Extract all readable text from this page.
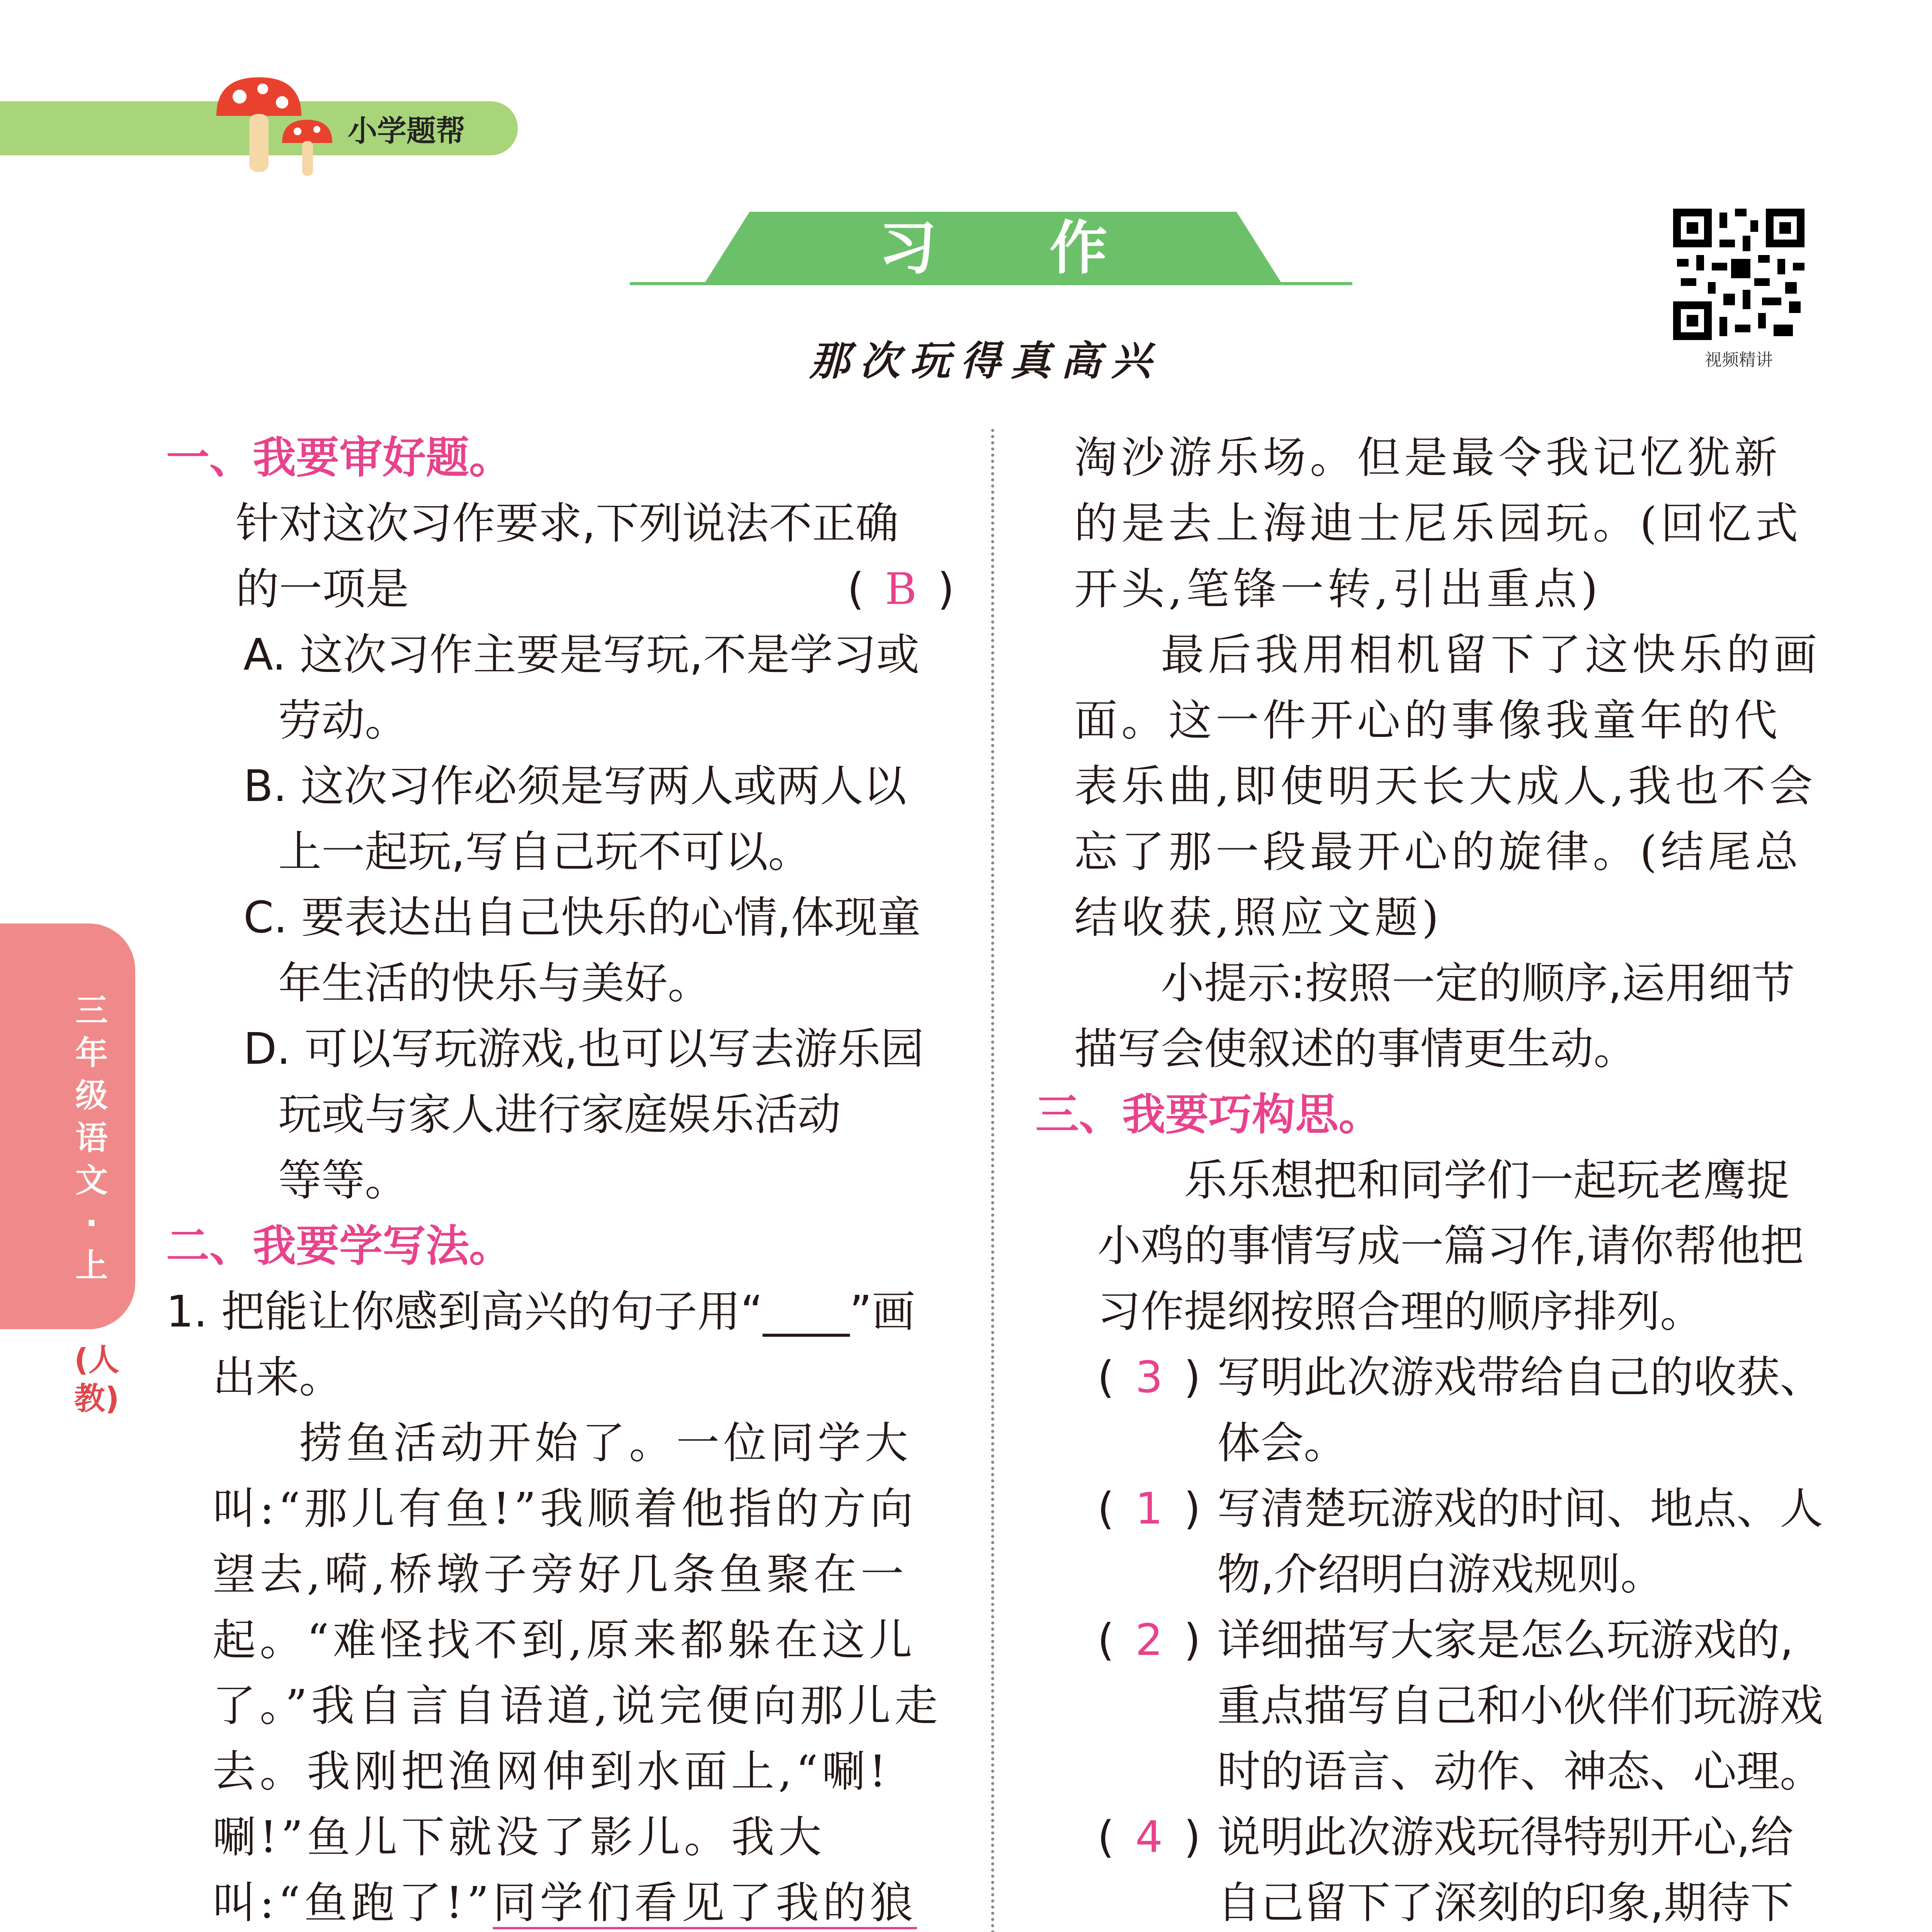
小学题帮
习 作
那次玩得真高兴	视频精讲
三年级语文·上
(人教)
一、我要审好题。
针对这次习作要求,下列说法不正确
的一项是	( B )
A. 这次习作主要是写玩,不是学习或
劳动。
B. 这次习作必须是写两人或两人以
上一起玩,写自己玩不可以。
C. 要表达出自己快乐的心情,体现童
年生活的快乐与美好。
D. 可以写玩游戏,也可以写去游乐园
玩或与家人进行家庭娱乐活动
等等。
二、我要学写法。
1. 把能让你感到高兴的句子用“____”画出来。
捞鱼活动开始了。一位同学大叫:“那儿有鱼!”我顺着他指的方向望去,嗬,桥墩子旁好几条鱼聚在一起。“难怪找不到,原来都躲在这儿了。”我自言自语道,说完便向那儿走去。我刚把渔网伸到水面上,“唰! 唰!”鱼儿下就没了影儿。我大叫:“鱼跑了!”同学们看见了我的狼
淘沙游乐场。但是最令我记忆犹新的是去上海迪士尼乐园玩。(回忆式开头,笔锋一转,引出重点)
最后我用相机留下了这快乐的画面。这一件开心的事像我童年的代表乐曲,即使明天长大成人,我也不会忘了那一段最开心的旋律。(结尾总结收获,照应文题)
小提示:按照一定的顺序,运用细节描写会使叙述的事情更生动。
三、我要巧构思。
乐乐想把和同学们一起玩老鹰捉小鸡的事情写成一篇习作,请你帮他把习作提纲按照合理的顺序排列。
( 3 ) 写明此次游戏带给自己的收获、体会。
( 1 ) 写清楚玩游戏的时间、地点、人物,介绍明白游戏规则。
( 2 ) 详细描写大家是怎么玩游戏的,重点描写自己和小伙伴们玩游戏时的语言、动作、神态、心理。
( 4 ) 说明此次游戏玩得特别开心,给自己留下了深刻的印象,期待下
